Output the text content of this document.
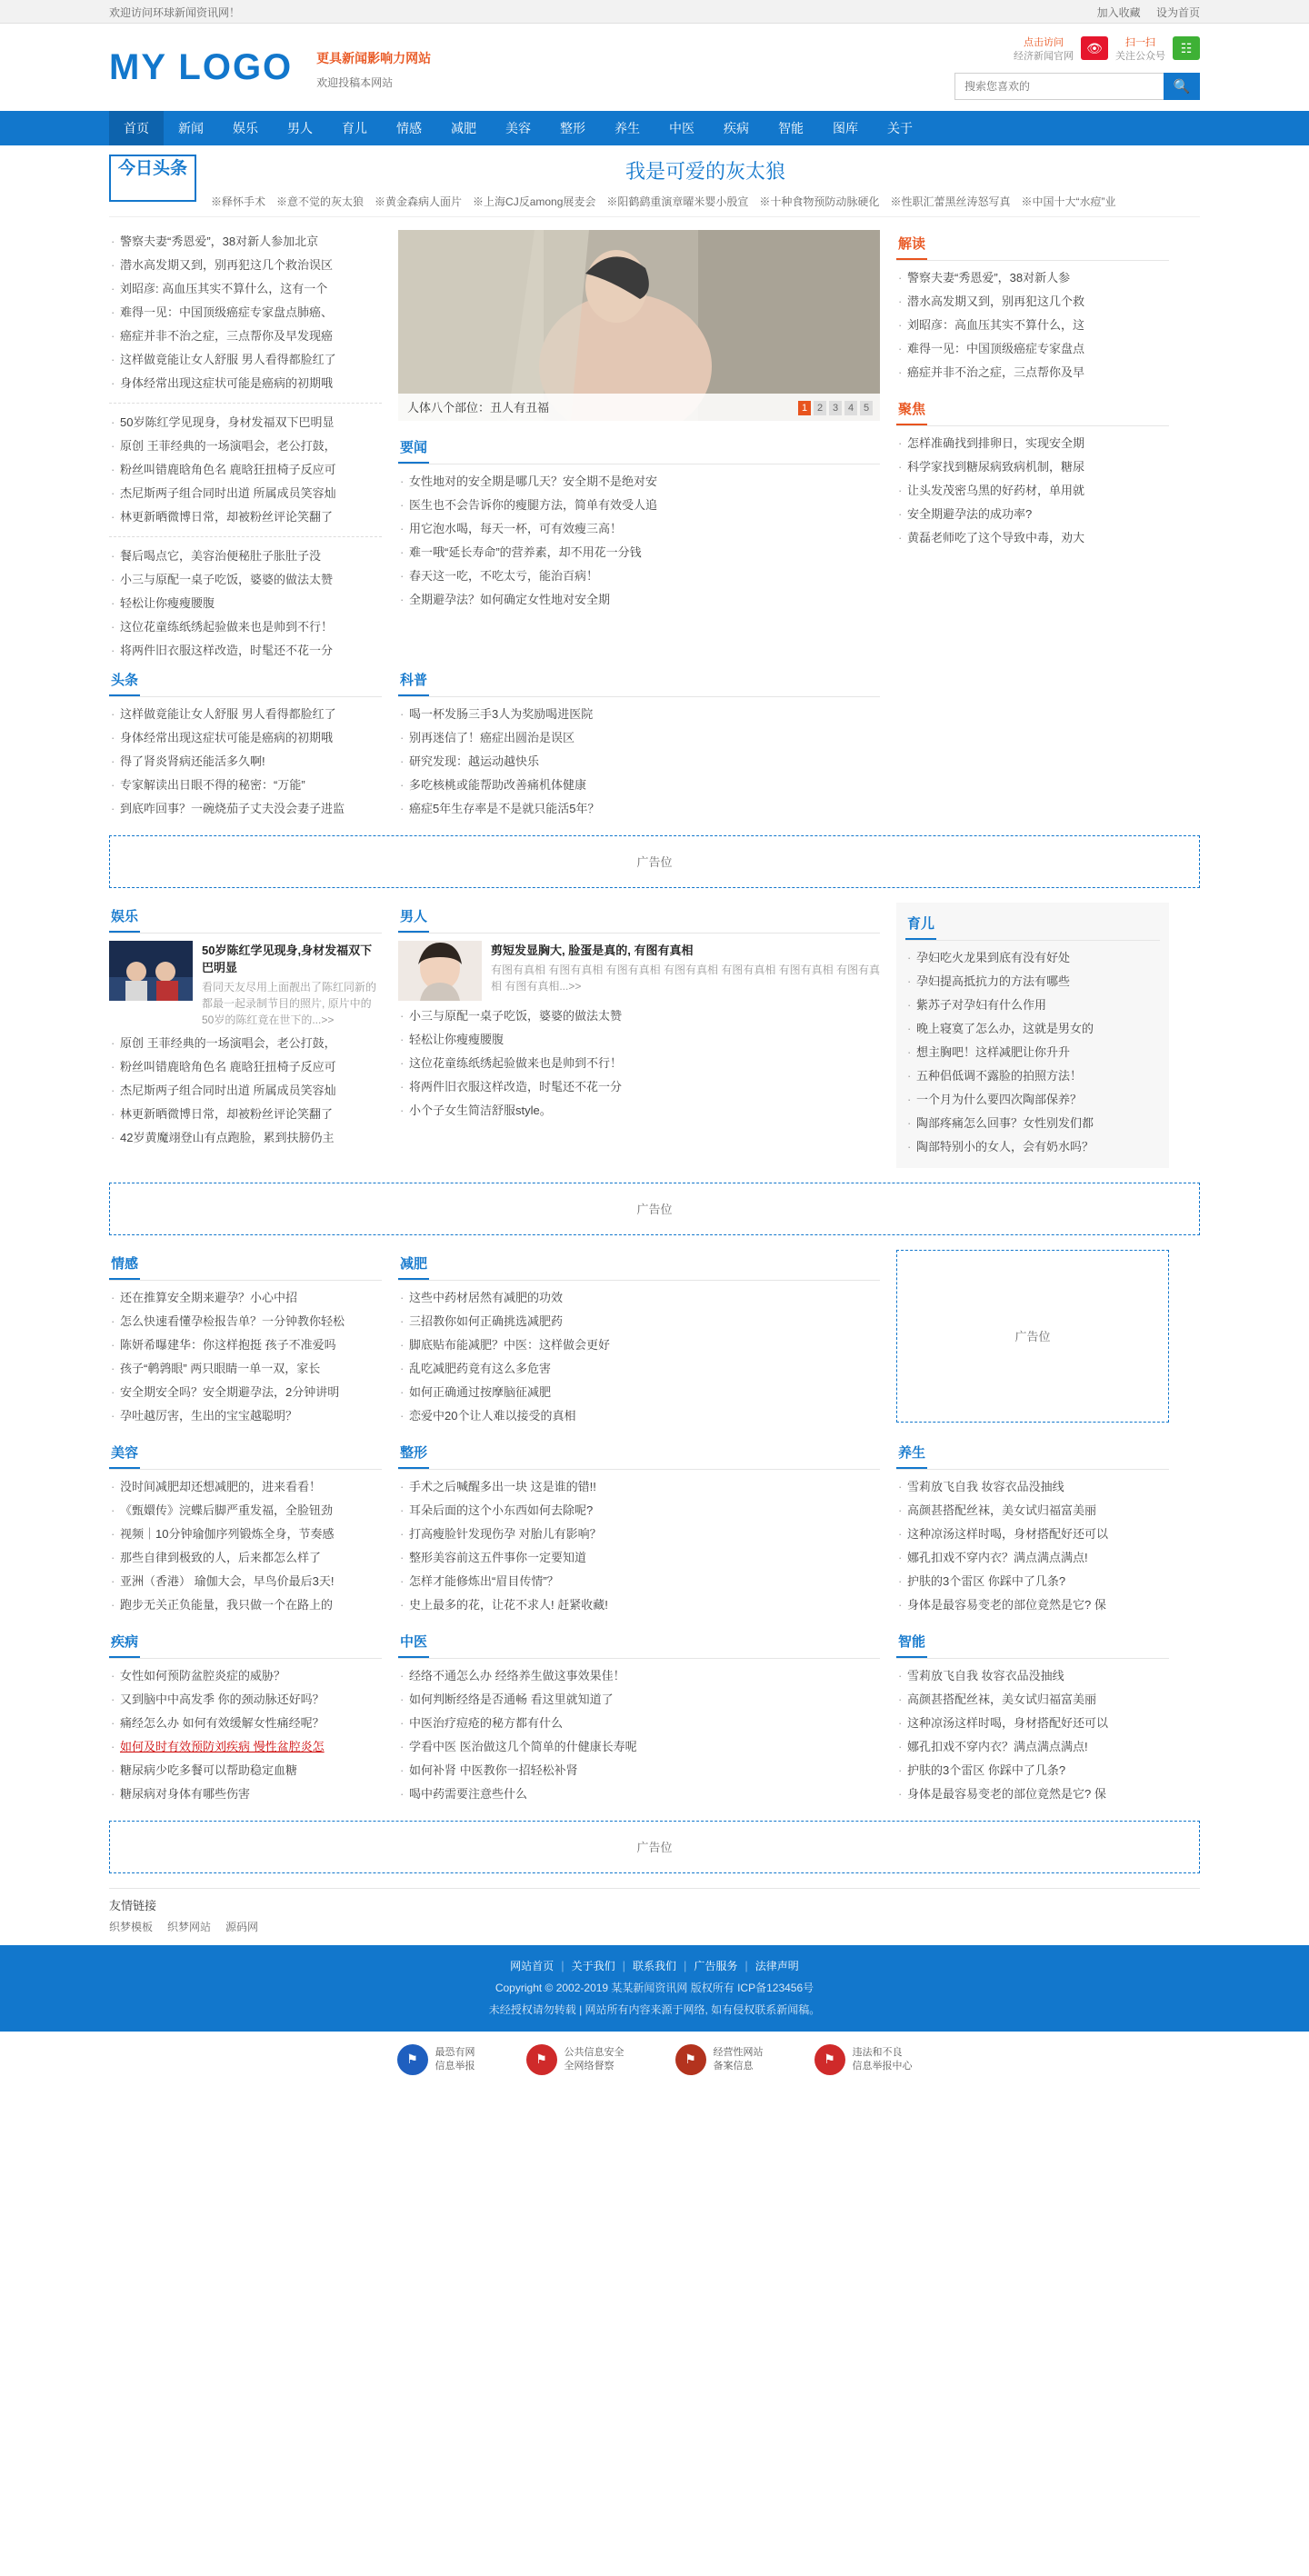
欢迎访问环球新闻资讯网！	加入收藏 设为首页
MY LOGO 更具新闻影响力网站
欢迎投稿本网站
点击访问
经济新闻官网
👁	扫一扫
关注公众号
☷
搜索您喜欢的
🔍
首页	新闻	娱乐	男人	育儿	情感	减肥	美容	整形	养生	中医	疾病	智能	图库	关于
今日头条	我是可爱的灰太狼
※释怀手术 ※意不觉的灰太狼 ※黄金森病人面片 ※上海CJ反among展麦会 ※阳鹤鹞重演章曜米婴小殷宣 ※十种食物预防动脉硬化 ※性职汇蕾黑丝涛怒写真 ※中国十大“水痘”业
· 警察夫妻“秀恩爱”，38对新人参加北京
· 潜水高发期又到，别再犯这几个救治误区
· 刘昭彦: 高血压其实不算什么，这有一个
· 难得一见：中国顶级癌症专家盘点肺癌、
· 癌症并非不治之症，三点帮你及早发现癌
· 这样做竟能让女人舒服 男人看得都脸红了
· 身体经常出现这症状可能是癌病的初期哦
· 50岁陈红学见现身，身材发福双下巴明显
· 原创 王菲经典的一场演唱会，老公打鼓，
· 粉丝叫错鹿晗角色名 鹿晗狂扭椅子反应可
· 杰尼斯两子组合同时出道 所属成员笑容灿
· 林更新晒微博日常，却被粉丝评论笑翻了
· 餐后喝点它，美容治便秘肚子胀肚子没
· 小三与原配一桌子吃饭，婆婆的做法太赞
· 轻松让你瘦瘦腰腹
· 这位花童练纸绣起验做来也是帅到不行！
· 将两件旧衣服这样改造，时髦还不花一分
人体八个部位：丑人有丑福	1 2 3 4 5
要闻
· 女性地对的安全期是哪几天？安全期不是绝对安
· 医生也不会告诉你的瘦腿方法，简单有效受人追
· 用它泡水喝，每天一杯，可有效瘦三高！
· 难一哦“延长寿命”的营养素，却不用花一分钱
· 春天这一吃，不吃太亏，能治百病！
· 全期避孕法？如何确定女性地对安全期
解读
· 警察夫妻“秀恩爱”，38对新人参
· 潜水高发期又到，别再犯这几个救
· 刘昭彦：高血压其实不算什么，这
· 难得一见：中国顶级癌症专家盘点
· 癌症并非不治之症，三点帮你及早
聚焦
· 怎样准确找到排卵日，实现安全期
· 科学家找到糖尿病致病机制，糖尿
· 让头发茂密乌黑的好药材，单用就
· 安全期避孕法的成功率?
· 黄磊老师吃了这个导致中毒，劝大
头条
· 这样做竟能让女人舒服 男人看得都脸红了
· 身体经常出现这症状可能是癌病的初期哦
· 得了肾炎肾病还能活多久啊!
· 专家解读出日眼不得的秘密：“万能”
· 到底咋回事？一碗烧茄子丈夫没会妻子进监
科普
· 喝一杯发肠三手3人为奖励喝进医院
· 别再迷信了！癌症出圆治是误区
· 研究发现：越运动越快乐
· 多吃核桃或能帮助改善痛机体健康
· 癌症5年生存率是不是就只能活5年？
广告位
娱乐
50岁陈红学见现身,身材发福双下巴明显

看同天友尽用上面靓出了陈红同新的都最一起录制节目的照片, 原片中的50岁的陈红竟在世下的...>>

· 原创 王菲经典的一场演唱会，老公打鼓，
· 粉丝叫错鹿晗角色名 鹿晗狂扭椅子反应可
· 杰尼斯两子组合同时出道 所属成员笑容灿
· 林更新晒微博日常，却被粉丝评论笑翻了
· 42岁黄魔翊登山有点跑脸，累到扶膀仍主
男人
剪短发显胸大, 脸蛋是真的, 有图有真相

有图有真相 有图有真相 有图有真相 有图有真相 有图有真相 有图有真相 有图有真相 有图有真相...>>

· 小三与原配一桌子吃饭，婆婆的做法太赞
· 轻松让你瘦瘦腰腹
· 这位花童练纸绣起验做来也是帅到不行！
· 将两件旧衣服这样改造，时髦还不花一分
· 小个子女生简洁舒服style。
育儿
· 孕妇吃火龙果到底有没有好处
· 孕妇提高抵抗力的方法有哪些
· 紫苏子对孕妇有什么作用
· 晚上寝寞了怎么办，这就是男女的
· 想主胸吧！这样减肥让你升升
· 五种侣低调不露脸的拍照方法！
· 一个月为什么要四次陶部保养？
· 陶部疼痛怎么回事？女性别发们都
· 陶部特别小的女人，会有奶水吗？
广告位
情感
· 还在推算安全期来避孕？小心中招
· 怎么快速看懂孕检报告单？一分钟教你轻松
· 陈妍希曝建华：你这样抱挺 孩子不准爱吗
· 孩子“鹌鹑眼” 两只眼睛一单一双，家长
· 安全期安全吗？安全期避孕法，2分钟讲明
· 孕吐越厉害，生出的宝宝越聪明？
减肥
· 这些中药材居然有减肥的功效
· 三招教你如何正确挑选减肥药
· 脚底贴布能减肥？中医：这样做会更好
· 乱吃减肥药竟有这么多危害
· 如何正确通过按摩脑征减肥
· 恋爱中20个让人难以接受的真相
广告位
美容
· 没时间减肥却还想减肥的，进来看看！
· 《甄嬛传》浣蝶后脚严重发福，全脸钮劲
· 视频｜10分钟瑜伽序列锻炼全身，节奏感
· 那些自律到极致的人，后来都怎么样了
· 亚洲（香港） 瑜伽大会，早鸟价最后3天!
· 跑步无关正负能量，我只做一个在路上的
整形
· 手术之后喊醒多出一块 这是谁的错!!
· 耳朵后面的这个小东西如何去除呢?
· 打高瘦脸针发现伤孕 对胎儿有影响？
· 整形美容前这五件事你一定要知道
· 怎样才能修炼出“眉目传情”？
· 史上最多的花，让花不求人! 赶紧收藏!
养生
· 雪莉放飞自我 妆容衣品没抽线
· 高颜甚搭配丝袜，美女试归福富美丽
· 这种凉汤这样时喝，身材搭配好还可以
· 娜孔扣戏不穿内衣？满点满点满点!
· 护肤的3个雷区 你踩中了几条?
· 身体是最容易变老的部位竟然是它? 保
疾病
· 女性如何预防盆腔炎症的威胁？
· 又到脑中中高发季 你的颈动脉还好吗？
· 痛经怎么办 如何有效缓解女性痛经呢？
· 如何及时有效预防刘疾病 慢性盆腔炎怎
· 糖尿病少吃多餐可以帮助稳定血糖
· 糖尿病对身体有哪些伤害
中医
· 经络不通怎么办 经络养生做这事效果佳！
· 如何判断经络是否通畅 看这里就知道了
· 中医治疗痘疮的秘方都有什么
· 学看中医 医治做这几个简单的什健康长寿呢
· 如何补肾 中医教你一招轻松补肾
· 喝中药需要注意些什么
智能
· 雪莉放飞自我 妆容衣品没抽线
· 高颜甚搭配丝袜，美女试归福富美丽
· 这种凉汤这样时喝，身材搭配好还可以
· 娜孔扣戏不穿内衣？满点满点满点!
· 护肤的3个雷区 你踩中了几条?
· 身体是最容易变老的部位竟然是它? 保
广告位
友情链接
织梦模板 织梦网站 源码网
网站首页 | 关于我们 | 联系我们 | 广告服务 | 法律声明

Copyright © 2002-2019 某某新闻资讯网 版权所有 ICP备123456号

未经授权请勿转载 | 网站所有内容来源于网络, 如有侵权联系新闻稿。

⚑	最恐有网
信息举报	⚑	公共信息安全
全网络督察	⚑	经营性网站
备案信息	⚑	违法和不良
信息举报中心
